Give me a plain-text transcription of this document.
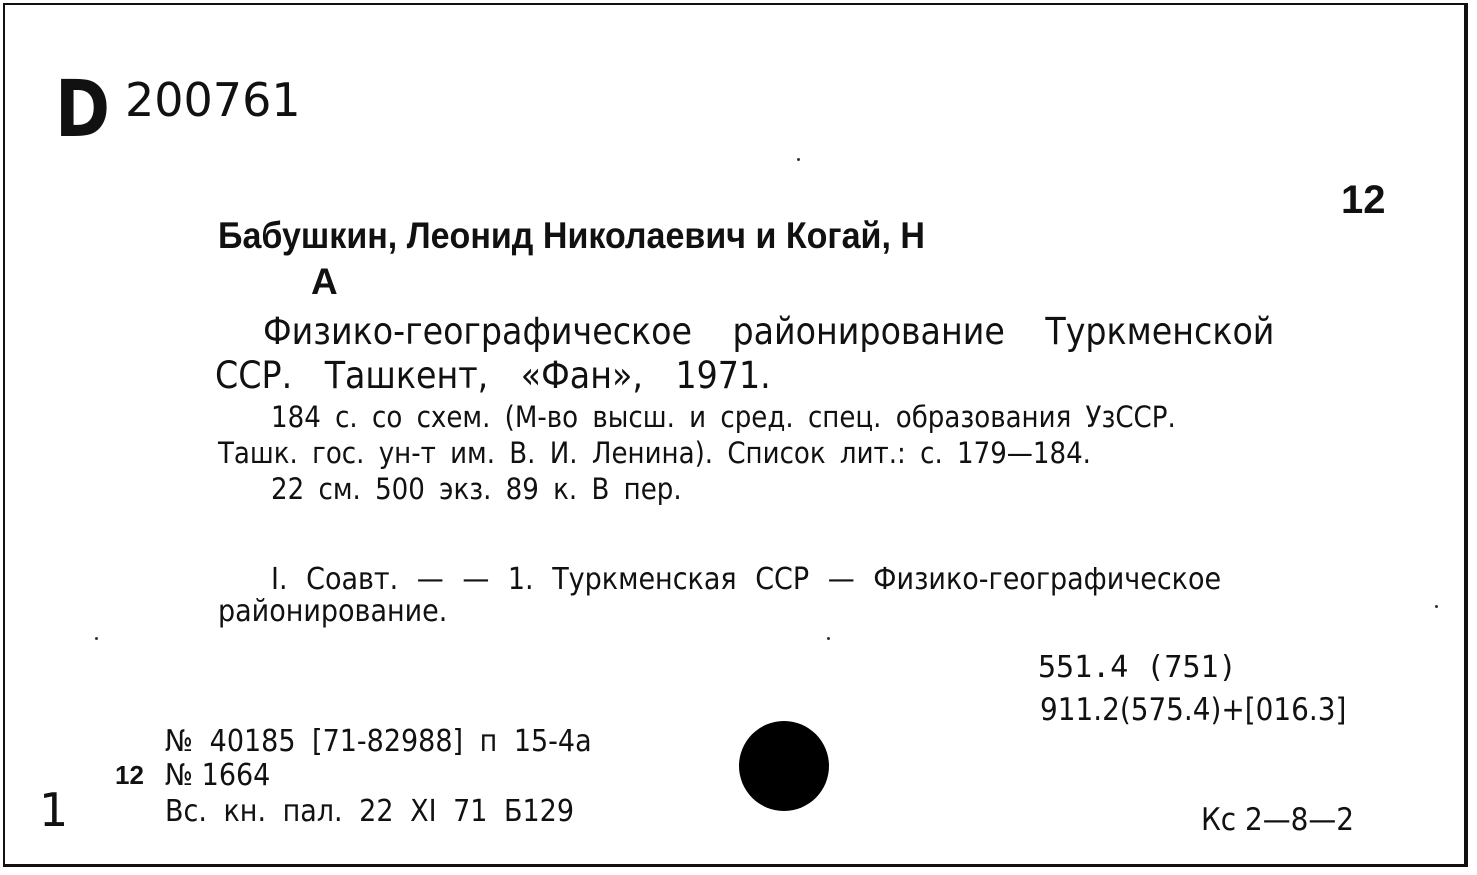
D 200761
12
Бабушкин, Леонид Николаевич и Когай, Н
А
Физико-географическое районирование Туркменской
ССР. Ташкент, «Фан», 1971.
184 с. со схем. (М-во высш. и сред. спец. образования УзССР.
Ташк. гос. ун-т им. В. И. Ленина). Список лит.: с. 179—184.
22 см. 500 экз. 89 к. В пер.
I. Соавт. — — 1. Туркменская ССР — Физико-географическое
районирование.
551.4 (751)
911.2(575.4)+[016.3]
№ 40185 [71-82988] п 15-4а
12 № 1664
Вс. кн. пал. 22 XI 71 Б129
1	Кс 2—8—2
